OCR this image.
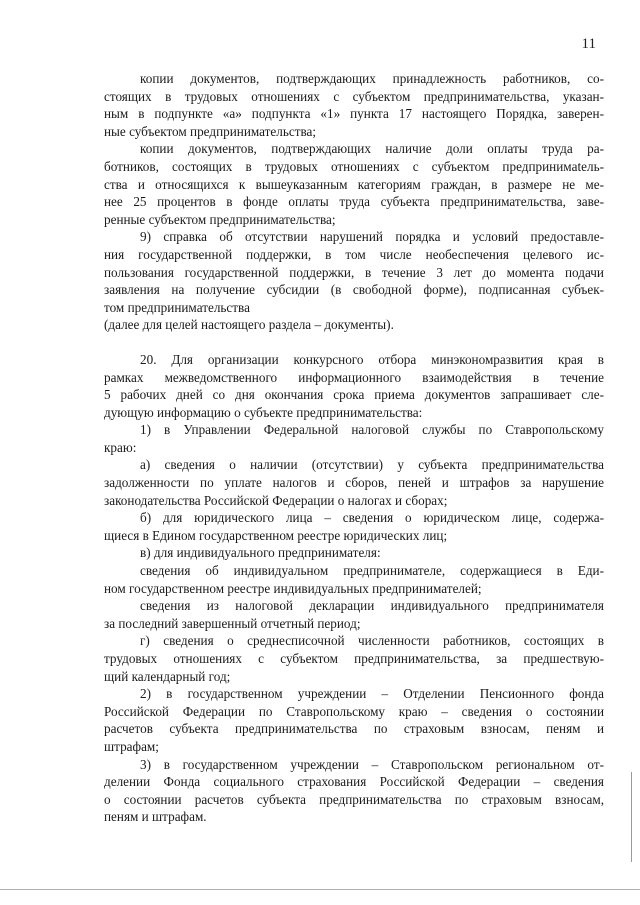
11
копии документов, подтверждающих принадлежность работников, со-
стоящих в трудовых отношениях с субъектом предпринимательства, указан-
ным в подпункте «а» подпункта «1» пункта 17 настоящего Порядка, заверен-
ные субъектом предпринимательства;
копии документов, подтверждающих наличие доли оплаты труда ра-
ботников, состоящих в трудовых отношениях с субъектом предпринимatель-
ства и относящихся к вышеуказанным категориям граждан, в размере не ме-
нее 25 процентов в фонде оплаты труда субъекта предпринимательства, заве-
ренные субъектом предпринимательства;
9) справка об отсутствии нарушений порядка и условий предоставле-
ния государственной поддержки, в том числе необеспечения целевого ис-
пользования государственной поддержки, в течение 3 лет до момента подачи
заявления на получение субсидии (в свободной форме), подписанная субъек-
том предпринимательства
(далее для целей настоящего раздела – документы).
20. Для организации конкурсного отбора минэкономразвития края в
рамках межведомственного информационного взаимодействия в течение
5 рабочих дней со дня окончания срока приема документов запрашивает сле-
дующую информацию о субъекте предпринимательства:
1) в Управлении Федеральной налоговой службы по Ставропольскому
краю:
а) сведения о наличии (отсутствии) у субъекта предпринимательства
задолженности по уплате налогов и сборов, пеней и штрафов за нарушение
законодательства Российской Федерации о налогах и сборах;
б) для юридического лица – сведения о юридическом лице, содержа-
щиеся в Едином государственном реестре юридических лиц;
в) для индивидуального предпринимателя:
сведения об индивидуальном предпринимателе, содержащиеся в Еди-
ном государственном реестре индивидуальных предпринимателей;
сведения из налоговой декларации индивидуального предпринимателя
за последний завершенный отчетный период;
г) сведения о среднесписочной численности работников, состоящих в
трудовых отношениях с субъектом предпринимательства, за предшествую-
щий календарный год;
2) в государственном учреждении – Отделении Пенсионного фонда
Российской Федерации по Ставропольскому краю – сведения о состоянии
расчетов субъекта предпринимательства по страховым взносам, пеням и
штрафам;
3) в государственном учреждении – Ставропольском региональном от-
делении Фонда социального страхования Российской Федерации – сведения
о состоянии расчетов субъекта предпринимательства по страховым взносам,
пеням и штрафам.
